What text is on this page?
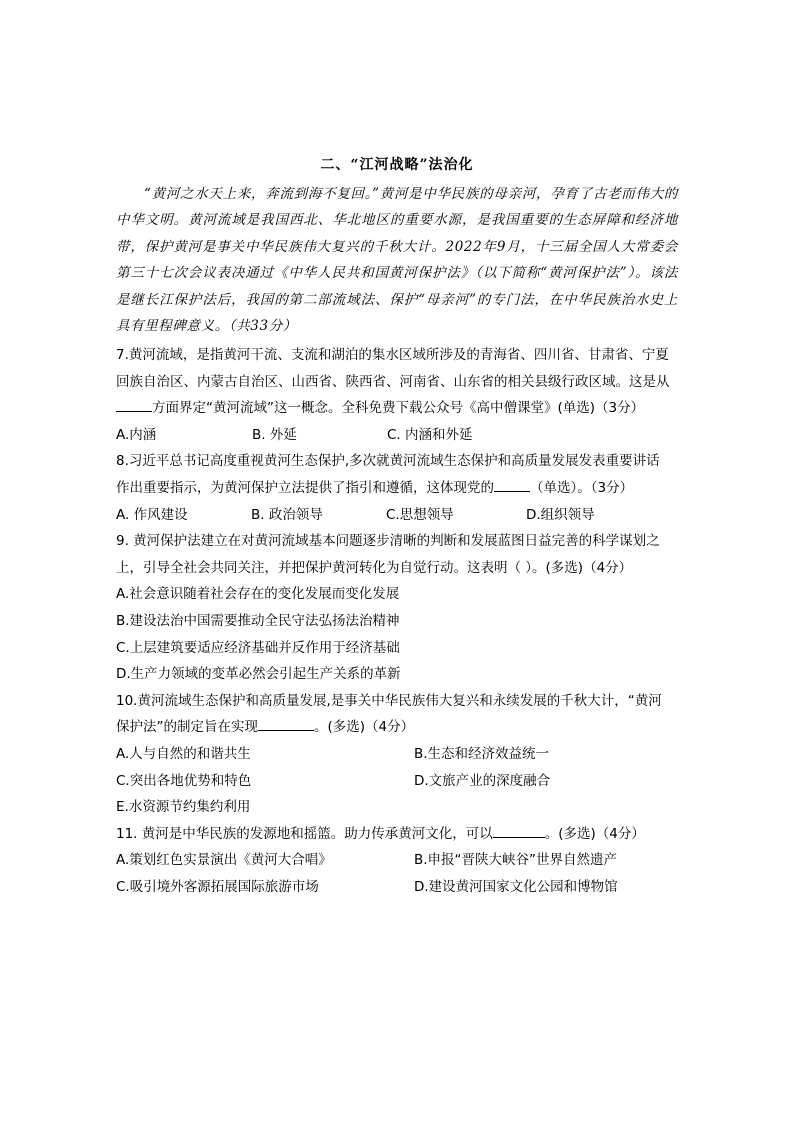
二、“江河战略”法治化
“黄河之水天上来，奔流到海不复回。”黄河是中华民族的母亲河，孕育了古老而伟大的中华文明。黄河流域是我国西北、华北地区的重要水源，是我国重要的生态屏障和经济地带，保护黄河是事关中华民族伟大复兴的千秋大计。2022年9月，十三届全国人大常委会第三十七次会议表决通过《中华人民共和国黄河保护法》（以下简称“黄河保护法”）。该法是继长江保护法后，我国的第二部流域法、保护“母亲河”的专门法，在中华民族治水史上具有里程碑意义。（共33分）
7.黄河流域，是指黄河干流、支流和湖泊的集水区域所涉及的青海省、四川省、甘肃省、宁夏
回族自治区、内蒙古自治区、山西省、陕西省、河南省、山东省的相关县级行政区域。这是从
方面界定“黄河流域”这一概念。全科免费下载公众号《高中僧课堂》(单选)（3分）
A.内涵	B. 外延	C. 内涵和外延
8.习近平总书记高度重视黄河生态保护,多次就黄河流域生态保护和高质量发展发表重要讲话
作出重要指示，为黄河保护立法提供了指引和遵循，这体现党的	（单选）。（3分）
A. 作风建设	B. 政治领导	C.思想领导	D.组织领导
9. 黄河保护法建立在对黄河流域基本问题逐步清晰的判断和发展蓝图日益完善的科学谋划之
上，引导全社会共同关注，并把保护黄河转化为自觉行动。这表明（ ）。(多选)（4分）
A.社会意识随着社会存在的变化发展而变化发展
B.建设法治中国需要推动全民守法弘扬法治精神
C.上层建筑要适应经济基础并反作用于经济基础
D.生产力领域的变革必然会引起生产关系的革新
10.黄河流域生态保护和高质量发展,是事关中华民族伟大复兴和永续发展的千秋大计，“黄河
保护法”的制定旨在实现	。(多选)（4分）
A.人与自然的和谐共生	B.生态和经济效益统一
C.突出各地优势和特色	D.文旅产业的深度融合
E.水资源节约集约利用
11. 黄河是中华民族的发源地和摇篮。助力传承黄河文化，可以	。(多选)（4分）
A.策划红色实景演出《黄河大合唱》	B.申报“晋陕大峡谷”世界自然遗产
C.吸引境外客源拓展国际旅游市场	D.建设黄河国家文化公园和博物馆
